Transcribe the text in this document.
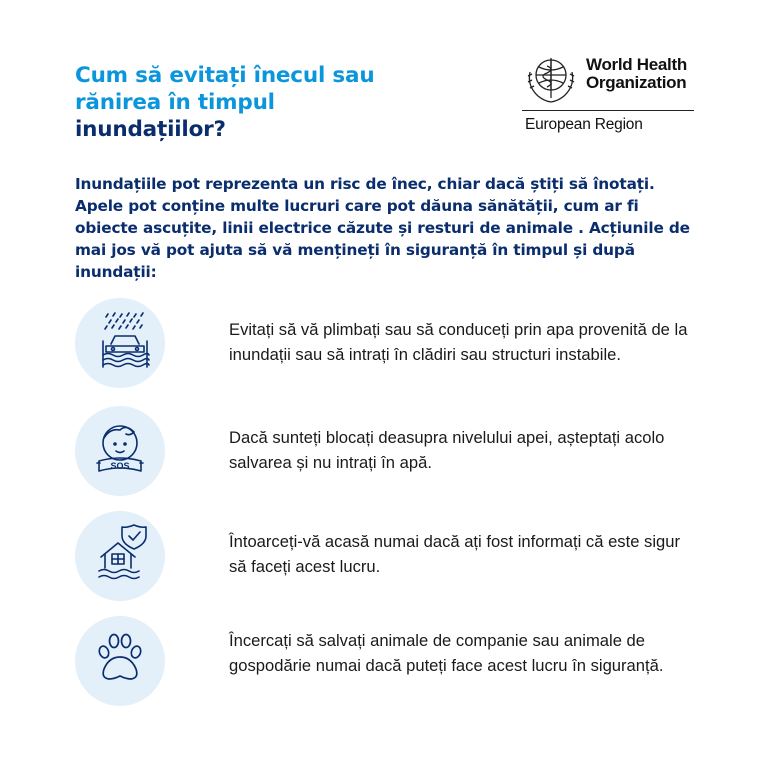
Cum să evitați înecul sau
rănirea în timpul
inundațiilor?
World Health
Organization
European Region
Inundațiile pot reprezenta un risc de înec, chiar dacă știți să înotați. Apele pot conține multe lucruri care pot dăuna sănătății, cum ar fi obiecte ascuțite, linii electrice căzute și resturi de animale . Acțiunile de mai jos vă pot ajuta să vă mențineți în siguranță în timpul și după inundații:
Evitați să vă plimbați sau să conduceți prin apa provenită de la inundații sau să intrați în clădiri sau structuri instabile.
SOS
Dacă sunteți blocați deasupra nivelului apei, așteptați acolo salvarea și nu intrați în apă.
Întoarceți-vă acasă numai dacă ați fost informați că este sigur să faceți acest lucru.
Încercați să salvați animale de companie sau animale de gospodărie numai dacă puteți face acest lucru în siguranță.
